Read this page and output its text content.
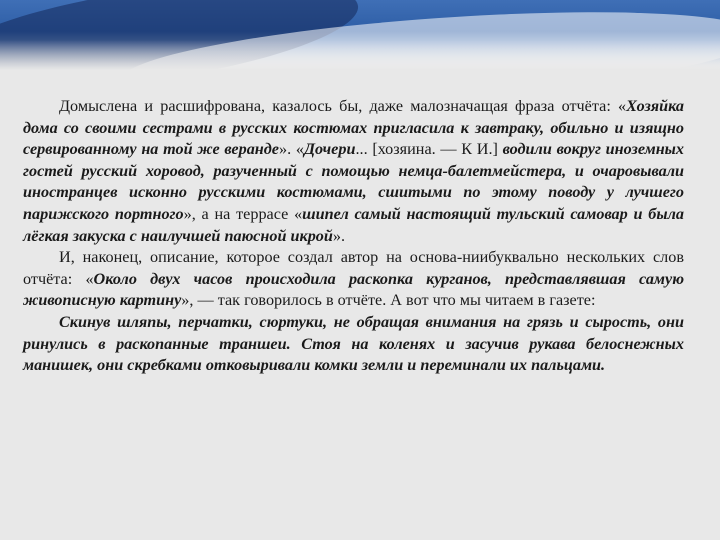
Домыслена и расшифрована, казалось бы, даже малозначащая фраза отчёта: «Хозяйка дома со своими сестрами в русских костюмах пригласила к завтраку, обильно и изящно сервированному на той же веранде». «Дочери... [хозяина. — К И.] водили вокруг иноземных гостей русский хоровод, разученный с помощью немца-балетмейстера, и очаровывали иностранцев исконно русскими костюмами, сшитыми по этому поводу у лучшего парижского портного», а на террасе «шипел самый настоящий тульский самовар и была лёгкая закуска с наилучшей паюсной икрой».

И, наконец, описание, которое создал автор на основа-ниибуквально нескольких слов отчёта: «Около двух часов происходила раскопка курганов, представлявшая самую живописную картину», — так говорилось в отчёте. А вот что мы читаем в газете:

Скинув шляпы, перчатки, сюртуки, не обращая внимания на грязь и сырость, они ринулись в раскопанные траншеи. Стоя на коленях и засучив рукава белоснежных манишек, они скребками отковыривали комки земли и переминали их пальцами.
